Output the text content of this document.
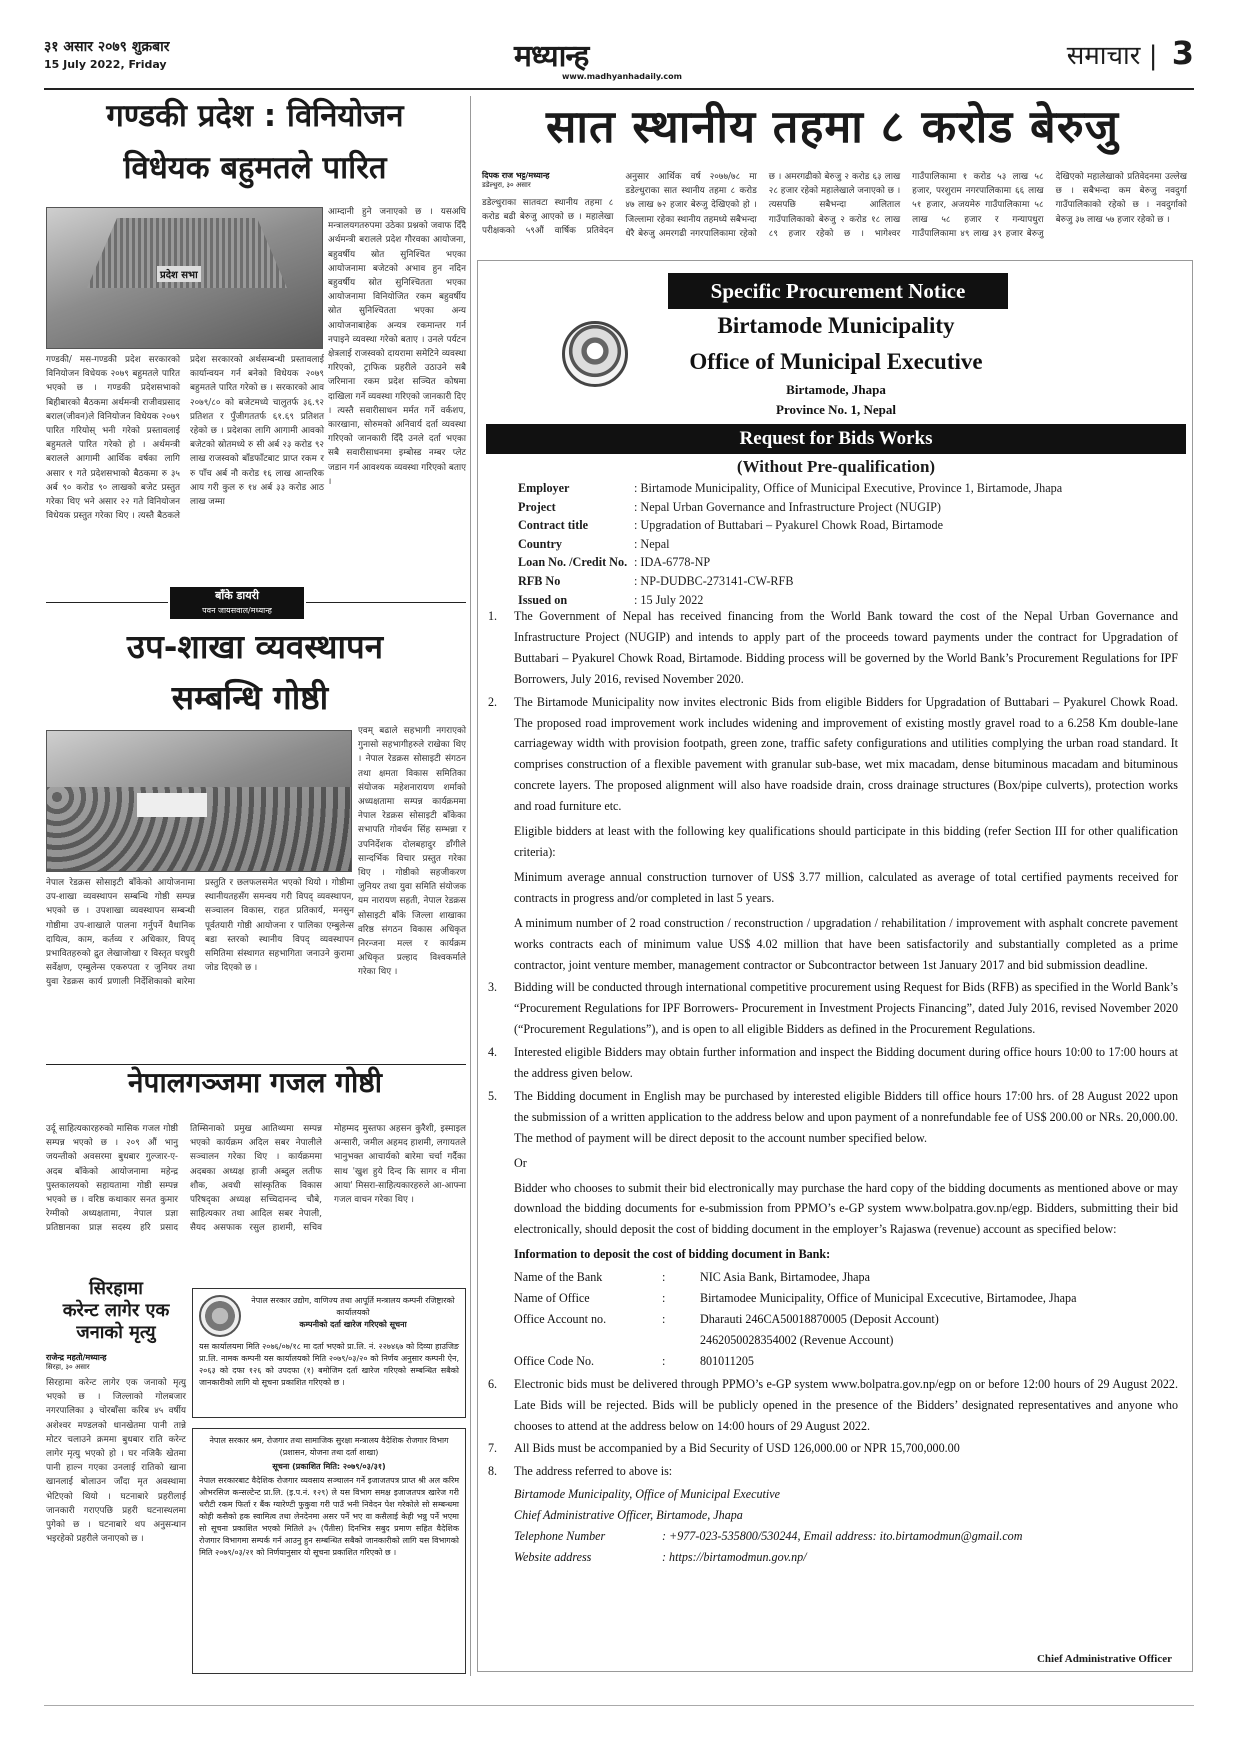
३१ असार २०७९ शुक्रबार
15 July 2022, Friday	मध्यान्ह
www.madhyanhadaily.com
समाचार | 3
गण्डकी प्रदेश : विनियोजन
विधेयक बहुमतले पारित
प्रदेश सभा
आम्दानी हुने जनाएको छ । यसअघि मन्त्रालयगतरुपमा उठेका प्रश्नको जवाफ दिँदै अर्थमन्त्री बरालले प्रदेश गौरवका आयोजना, बहुवर्षीय स्रोत सुनिश्चित भएका आयोजनामा बजेटको अभाव हुन नदिन बहुवर्षीय स्रोत सुनिश्चितता भएका आयोजनामा विनियोजित रकम बहुवर्षीय स्रोत सुनिश्चितता भएका अन्य आयोजनाबाहेक अन्यत्र रकमान्तर गर्न नपाइने व्यवस्था गरेको बताए । उनले पर्यटन क्षेत्रलाई राजस्वको दायरामा समेटिने व्यवस्था गरिएको, ट्राफिक प्रहरीले उठाउने सबै जरिमाना रकम प्रदेश सञ्चित कोषमा दाखिला गर्ने व्यवस्था गरिएको जानकारी दिए । त्यस्तै सवारीसाधन मर्मत गर्ने वर्कशप, कारखाना, सोरुमको अनिवार्य दर्ता व्यवस्था गरिएको जानकारी दिँदै उनले दर्ता भएका सबै सवारीसाधनमा इम्बोस्ड नम्बर प्लेट जडान गर्न आवश्यक व्यवस्था गरिएको बताए ।
गण्डकी/ मस-गण्डकी प्रदेश सरकारको विनियोजन विधेयक २०७९ बहुमतले पारित भएको छ । गण्डकी प्रदेशसभाको बिहीबारको बैठकमा अर्थमन्त्री राजीवप्रसाद बराल(जीवन)ले विनियोजन विधेयक २०७९ पारित गरियोस् भनी गरेको प्रस्तावलाई बहुमतले पारित गरेको हो । अर्थमन्त्री बरालले आगामी आर्थिक वर्षका लागि असार १ गते प्रदेशसभाको बैठकमा रु ३५ अर्ब ९० करोड ९० लाखको बजेट प्रस्तुत गरेका थिए भने असार २२ गते विनियोजन विधेयक प्रस्तुत गरेका थिए । त्यस्तै बैठकले प्रदेश सरकारको अर्थसम्बन्धी प्रस्तावलाई कार्यान्वयन गर्न बनेको विधेयक २०७९ बहुमतले पारित गरेको छ । सरकारको आव २०७९/८० को बजेटमध्ये चालुतर्फ ३६.९२ प्रतिशत र पुँजीगततर्फ ६१.६९ प्रतिशत रहेको छ । प्रदेशका लागि आगामी आवको बजेटको स्रोतमध्ये रु सी अर्ब २३ करोड ९२ लाख राजस्वको बाँडफाँटबाट प्राप्त रकम र रु पाँच अर्ब नौ करोड १६ लाख आन्तरिक आय गरी कुल रु १४ अर्ब ३३ करोड आठ लाख जम्मा
बाँके डायरी
पवन जायसवाल/मध्यान्ह
उप-शाखा व्यवस्थापन
सम्बन्धि गोष्ठी
एवम् बढाले सहभागी नगराएको गुनासो सहभागीहरुले राखेका थिए । नेपाल रेडक्रस सोसाइटी संगठन तथा क्षमता विकास समितिका संयोजक महेशनारायण शर्माको अध्यक्षतामा सम्पन्न कार्यक्रममा नेपाल रेडक्रस सोसाइटी बाँकेका सभापति गोवर्धन सिंह सम्भन्ना र उपनिर्देशक दोलबहादुर डाँगीले सान्दर्भिक विचार प्रस्तुत गरेका थिए । गोष्ठीको सहजीकरण जुनियर तथा युवा समिति संयोजक यम नारायण सहती, नेपाल रेडक्रस सोसाइटी बाँके जिल्ला शाखाका वरिष्ठ संगठन विकास अधिकृत निरन्जना मल्ल र कार्यक्रम अधिकृत प्रल्हाद विश्वकर्माले गरेका थिए ।
नेपाल रेडक्रस सोसाइटी बाँकेको आयोजनामा उप-शाखा व्यवस्थापन सम्बन्धि गोष्ठी सम्पन्न भएको छ । उपशाखा व्यवस्थापन सम्बन्धी गोष्ठीमा उप-शाखाले पालना गर्नुपर्ने वैधानिक दायित्व, काम, कर्तव्य र अधिकार, विपद् प्रभावितहरुको द्रुत लेखाजोखा र विस्तृत घरधुरी सर्वेक्षण, एम्बुलेन्स एकरुपता र जुनियर तथा युवा रेडक्रस कार्य प्रणाली निर्देशिकाको बारेमा प्रस्तुति र छलफलसमेत भएको थियो । गोष्ठीमा स्थानीयतहसँग समन्वय गरी विपद् व्यवस्थापन, सञ्चालन विकास, राहत प्रतिकार्य, मनसुन पूर्वतयारी गोष्ठी आयोजना र पालिका एम्बुलेन्स बडा स्तरको स्थानीय विपद् व्यवस्थापन समितिमा संस्थागत सहभागिता जनाउने कुरामा जोड दिएको छ ।
नेपालगञ्जमा गजल गोष्ठी
उर्दू साहित्यकारहरुको मासिक गजल गोष्ठी सम्पन्न भएको छ । २०९ औं भानु जयन्तीको अवसरमा बुधबार गुल्जार-ए-अदब बाँकेको आयोजनामा महेन्द्र पुस्तकालयको सहायतामा गोष्ठी सम्पन्न भएको छ । वरिष्ठ कथाकार सनत कुमार रेग्मीको अध्यक्षतामा, नेपाल प्रज्ञा प्रतिष्ठानका प्राज्ञ सदस्य हरि प्रसाद तिम्सिनाको प्रमुख आतिथ्यमा सम्पन्न भएको कार्यक्रम अदिल सबर नेपालीले सञ्चालन गरेका थिए । कार्यक्रममा अदबका अध्यक्ष हाजी अब्दुल लतीफ शौक, अवधी सांस्कृतिक विकास परिषद्का अध्यक्ष सच्चिदानन्द चौबे, साहित्यकार तथा आदिल सबर नेपाली, सैयद असफाक रसुल हाशमी, सचिव मोहम्मद मुस्तफा अहसन कुरैशी, इस्माइल अन्सारी, जमील अहमद हाशमी, लगायतले भानुभक्त आचार्यको बारेमा चर्चा गर्दैका साथ 'खुश हुये दिन्द कि सागर व मीना आया' मिसरा-साहित्यकारहरुले आ-आफ्ना गजल वाचन गरेका थिए ।
सिरहामा
करेन्ट लागेर एक
जनाको मृत्यु
राजेन्द्र महतो/मध्यान्ह
सिरहा, ३० असार
सिरहामा करेन्ट लागेर एक जनाको मृत्यु भएको छ । जिल्लाको गोलबजार नगरपालिका ३ चोरबाँसा करिब ४५ वर्षीय अशेश्वर मण्डलको धानखेतमा पानी तान्ने मोटर चलाउने क्रममा बुधबार राति करेन्ट लागेर मृत्यु भएको हो । घर नजिकै खेतमा पानी हाल्न गएका उनलाई रातिको खाना खानलाई बोलाउन जाँदा मृत अवस्थामा भेटिएको थियो । घटनाबारे प्रहरीलाई जानकारी गराएपछि प्रहरी घटनास्थलमा पुगेको छ । घटनाबारे थप अनुसन्धान भइरहेको प्रहरीले जनाएको छ ।
नेपाल सरकार उद्योग, वाणिज्य तथा आपूर्ति मन्त्रालय कम्पनी रजिष्ट्रारको कार्यालयको
कम्पनीको दर्ता खारेज गरिएको सूचना
यस कार्यालयमा मिति २०७६/०७/१८ मा दर्ता भएको प्रा.लि. नं. २२७४६७ को दिव्या हाउजिङ प्रा.लि. नामक कम्पनी यस कार्यालयको मिति २०७९/०३/२० को निर्णय अनुसार कम्पनी ऐन, २०६३ को दफा १२६ को उपदफा (१) बमोजिम दर्ता खारेज गरिएको सम्बन्धित सबैको जानकारीको लागि यो सूचना प्रकाशित गरिएको छ ।
नेपाल सरकार श्रम, रोजगार तथा सामाजिक सुरक्षा मन्त्रालय वैदेशिक रोजगार विभाग (प्रशासन, योजना तथा दर्ता शाखा)
सूचना (प्रकाशित मिति: २०७९/०३/३१)
नेपाल सरकारबाट वैदेशिक रोजगार व्यवसाय सञ्चालन गर्ने इजाजतपत्र प्राप्त श्री अल करिम ओभरसिज कन्सल्टेन्ट प्रा.लि. (इ.प.नं. १२९) ले यस विभाग समक्ष इजाजतपत्र खारेज गरी धरौटी रकम फिर्ता र बैंक ग्यारेण्टी फुकुवा गरी पाउँ भनी निवेदन पेश गरेकोले सो सम्बन्धमा कोही कसैको हक स्वामित्व तथा लेनदेनमा असर पर्ने भए वा कसैलाई केही भन्नु पर्ने भएमा सो सूचना प्रकाशित भएको मितिले ३५ (पैंतीस) दिनभित्र सबुद प्रमाण सहित वैदेशिक रोजगार विभागमा सम्पर्क गर्न आउनु हुन सम्बन्धित सबैको जानकारीको लागि यस विभागको मिति २०७९/०३/२१ को निर्णयानुसार यो सूचना प्रकाशित गरिएको छ ।
सात स्थानीय तहमा ८ करोड बेरुजु
दिपक राज भट्ट/मध्यान्ह
डडेल्धुरा, ३० असार
डडेल्धुराका सातवटा स्थानीय तहमा ८ करोड बढी बेरुजु आएको छ । महालेखा परीक्षकको ५९औं वार्षिक प्रतिवेदन अनुसार आर्थिक वर्ष २०७७/७८ मा डडेल्धुराका सात स्थानीय तहमा ८ करोड ४७ लाख ७२ हजार बेरुजु देखिएको हो । जिल्लामा रहेका स्थानीय तहमध्ये सबैभन्दा धेरै बेरुजु अमरगढी नगरपालिकामा रहेको छ । अमरगढीको बेरुजु २ करोड ६३ लाख २८ हजार रहेको महालेखाले जनाएको छ । त्यसपछि सबैभन्दा आलिताल गाउँपालिकाको बेरुजु २ करोड १८ लाख ८९ हजार रहेको छ । भागेश्वर गाउँपालिकामा १ करोड ५३ लाख ५८ हजार, परशुराम नगरपालिकामा ६६ लाख ५१ हजार, अजयमेरु गाउँपालिकामा ५८ लाख ५८ हजार र गन्यापधुरा गाउँपालिकामा ४९ लाख ३९ हजार बेरुजु देखिएको महालेखाको प्रतिवेदनमा उल्लेख छ । सबैभन्दा कम बेरुजु नवदुर्गा गाउँपालिकाको रहेको छ । नवदुर्गाको बेरुजु ३७ लाख ५७ हजार रहेको छ ।
Specific Procurement Notice
Birtamode Municipality
Office of Municipal Executive
Birtamode, Jhapa
Province No. 1, Nepal
Request for Bids Works
(Without Pre-qualification)
Employer	: Birtamode Municipality, Office of Municipal Executive, Province 1, Birtamode, Jhapa
Project	: Nepal Urban Governance and Infrastructure Project (NUGIP)
Contract title	: Upgradation of Buttabari – Pyakurel Chowk Road, Birtamode
Country	: Nepal
Loan No. /Credit No. : IDA-6778-NP
RFB No	: NP-DUDBC-273141-CW-RFB
Issued on	: 15 July 2022
1.	The Government of Nepal has received financing from the World Bank toward the cost of the Nepal Urban Governance and Infrastructure Project (NUGIP) and intends to apply part of the proceeds toward payments under the contract for Upgradation of Buttabari – Pyakurel Chowk Road, Birtamode. Bidding process will be governed by the World Bank’s Procurement Regulations for IPF Borrowers, July 2016, revised November 2020.
2.	The Birtamode Municipality now invites electronic Bids from eligible Bidders for Upgradation of Buttabari – Pyakurel Chowk Road. The proposed road improvement work includes widening and improvement of existing mostly gravel road to a 6.258 Km double-lane carriageway width with provision footpath, green zone, traffic safety configurations and utilities complying the urban road standard. It comprises construction of a flexible pavement with granular sub-base, wet mix macadam, dense bituminous macadam and bituminous concrete layers. The proposed alignment will also have roadside drain, cross drainage structures (Box/pipe culverts), protection works and road furniture etc.

Eligible bidders at least with the following key qualifications should participate in this bidding (refer Section III for other qualification criteria):

Minimum average annual construction turnover of US$ 3.77 million, calculated as average of total certified payments received for contracts in progress and/or completed in last 5 years.

A minimum number of 2 road construction / reconstruction / upgradation / rehabilitation / improvement with asphalt concrete pavement works contracts each of minimum value US$ 4.02 million that have been satisfactorily and substantially completed as a prime contractor, joint venture member, management contractor or Subcontractor between 1st January 2017 and bid submission deadline.

3.	Bidding will be conducted through international competitive procurement using Request for Bids (RFB) as specified in the World Bank’s “Procurement Regulations for IPF Borrowers- Procurement in Investment Projects Financing”, dated July 2016, revised November 2020 (“Procurement Regulations”), and is open to all eligible Bidders as defined in the Procurement Regulations.
4.	Interested eligible Bidders may obtain further information and inspect the Bidding document during office hours 10:00 to 17:00 hours at the address given below.
5.	The Bidding document in English may be purchased by interested eligible Bidders till office hours 17:00 hrs. of 28 August 2022 upon the submission of a written application to the address below and upon payment of a nonrefundable fee of US$ 200.00 or NRs. 20,000.00. The method of payment will be direct deposit to the account number specified below.

Or

Bidder who chooses to submit their bid electronically may purchase the hard copy of the bidding documents as mentioned above or may download the bidding documents for e-submission from PPMO’s e-GP system www.bolpatra.gov.np/egp. Bidders, submitting their bid electronically, should deposit the cost of bidding document in the employer’s Rajaswa (revenue) account as specified below:

Information to deposit the cost of bidding document in Bank:

Name of the Bank	:	NIC Asia Bank, Birtamodee, Jhapa
Name of Office	:	Birtamodee Municipality, Office of Municipal Excecutive, Birtamodee, Jhapa
Office Account no.	:	Dharauti 246CA50018870005 (Deposit Account)
2462050028354002 (Revenue Account)
Office Code No.	:	801011205
6.	Electronic bids must be delivered through PPMO’s e-GP system www.bolpatra.gov.np/egp on or before 12:00 hours of 29 August 2022. Late Bids will be rejected. Bids will be publicly opened in the presence of the Bidders’ designated representatives and anyone who chooses to attend at the address below on 14:00 hours of 29 August 2022.
7.	All Bids must be accompanied by a Bid Security of USD 126,000.00 or NPR 15,700,000.00
8.	The address referred to above is:
Birtamode Municipality, Office of Municipal Executive
Chief Administrative Officer, Birtamode, Jhapa
Telephone Number	: +977-023-535800/530244, Email address: ito.birtamodmun@gmail.com
Website address	: https://birtamodmun.gov.np/
Chief Administrative Officer
